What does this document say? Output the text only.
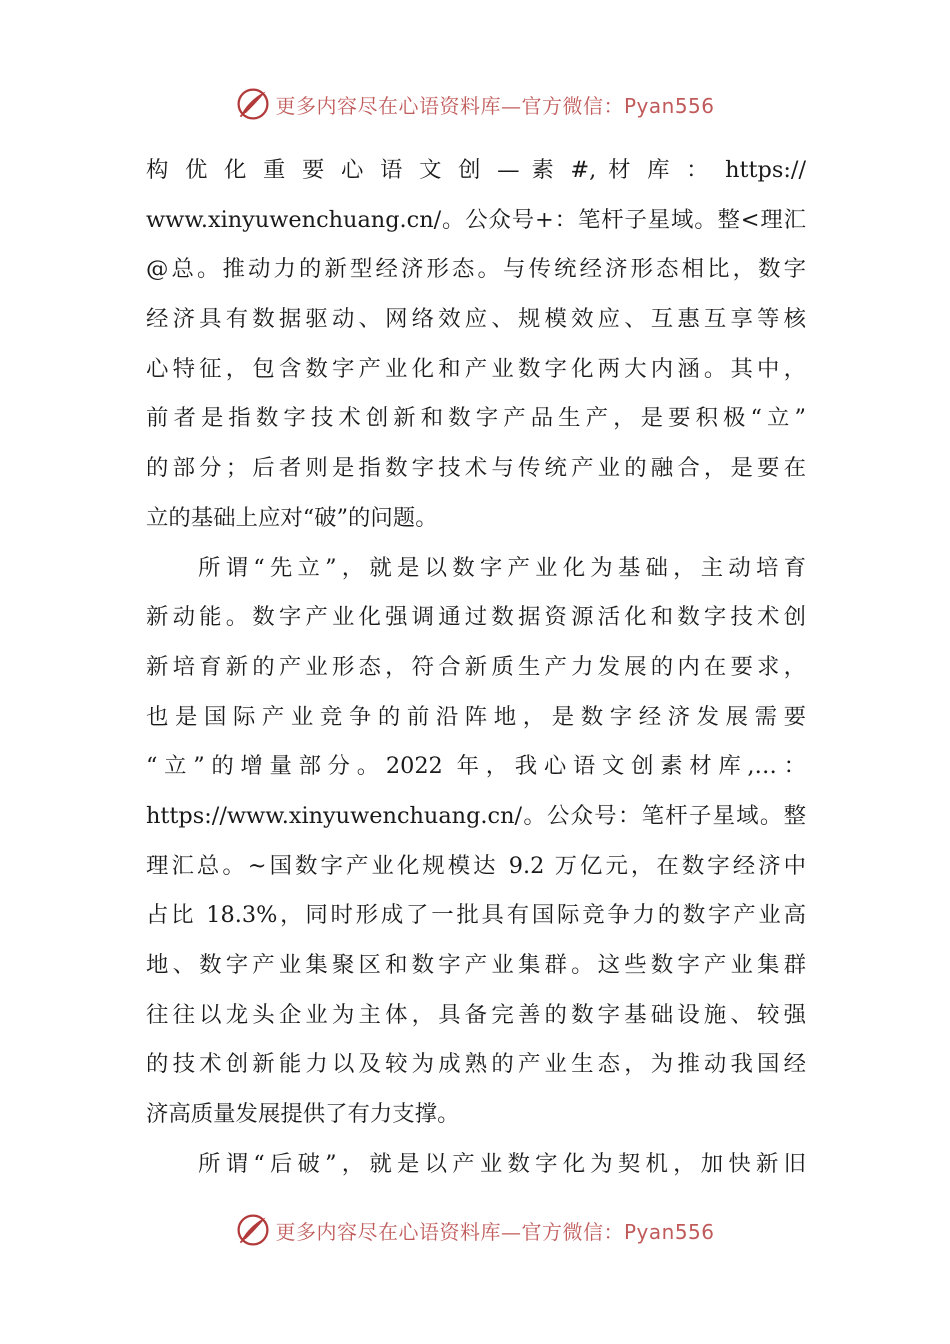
更多内容尽在心语资料库—官方微信：Pyan556
构 优 化 重 要 心 语 文 创 — 素 #, 材 库 ： https://
www.xinyuwenchuang.cn/。公众号+：笔杆子星域。整<理汇
@总。推动力的新型经济形态。与传统经济形态相比，数字
经济具有数据驱动、网络效应、规模效应、互惠互享等核
心特征，包含数字产业化和产业数字化两大内涵。其中，
前者是指数字技术创新和数字产品生产，是要积极“立”
的部分；后者则是指数字技术与传统产业的融合，是要在
立的基础上应对“破”的问题。
所谓“先立”，就是以数字产业化为基础，主动培育
新动能。数字产业化强调通过数据资源活化和数字技术创
新培育新的产业形态，符合新质生产力发展的内在要求，
也是国际产业竞争的前沿阵地，是数字经济发展需要
“立”的增量部分。2022 年，我心语文创素材库,…：
https://www.xinyuwenchuang.cn/。公众号：笔杆子星域。整
理汇总。~国数字产业化规模达 9.2 万亿元，在数字经济中
占比 18.3%，同时形成了一批具有国际竞争力的数字产业高
地、数字产业集聚区和数字产业集群。这些数字产业集群
往往以龙头企业为主体，具备完善的数字基础设施、较强
的技术创新能力以及较为成熟的产业生态，为推动我国经
济高质量发展提供了有力支撑。
所谓“后破”，就是以产业数字化为契机，加快新旧
更多内容尽在心语资料库—官方微信：Pyan556
